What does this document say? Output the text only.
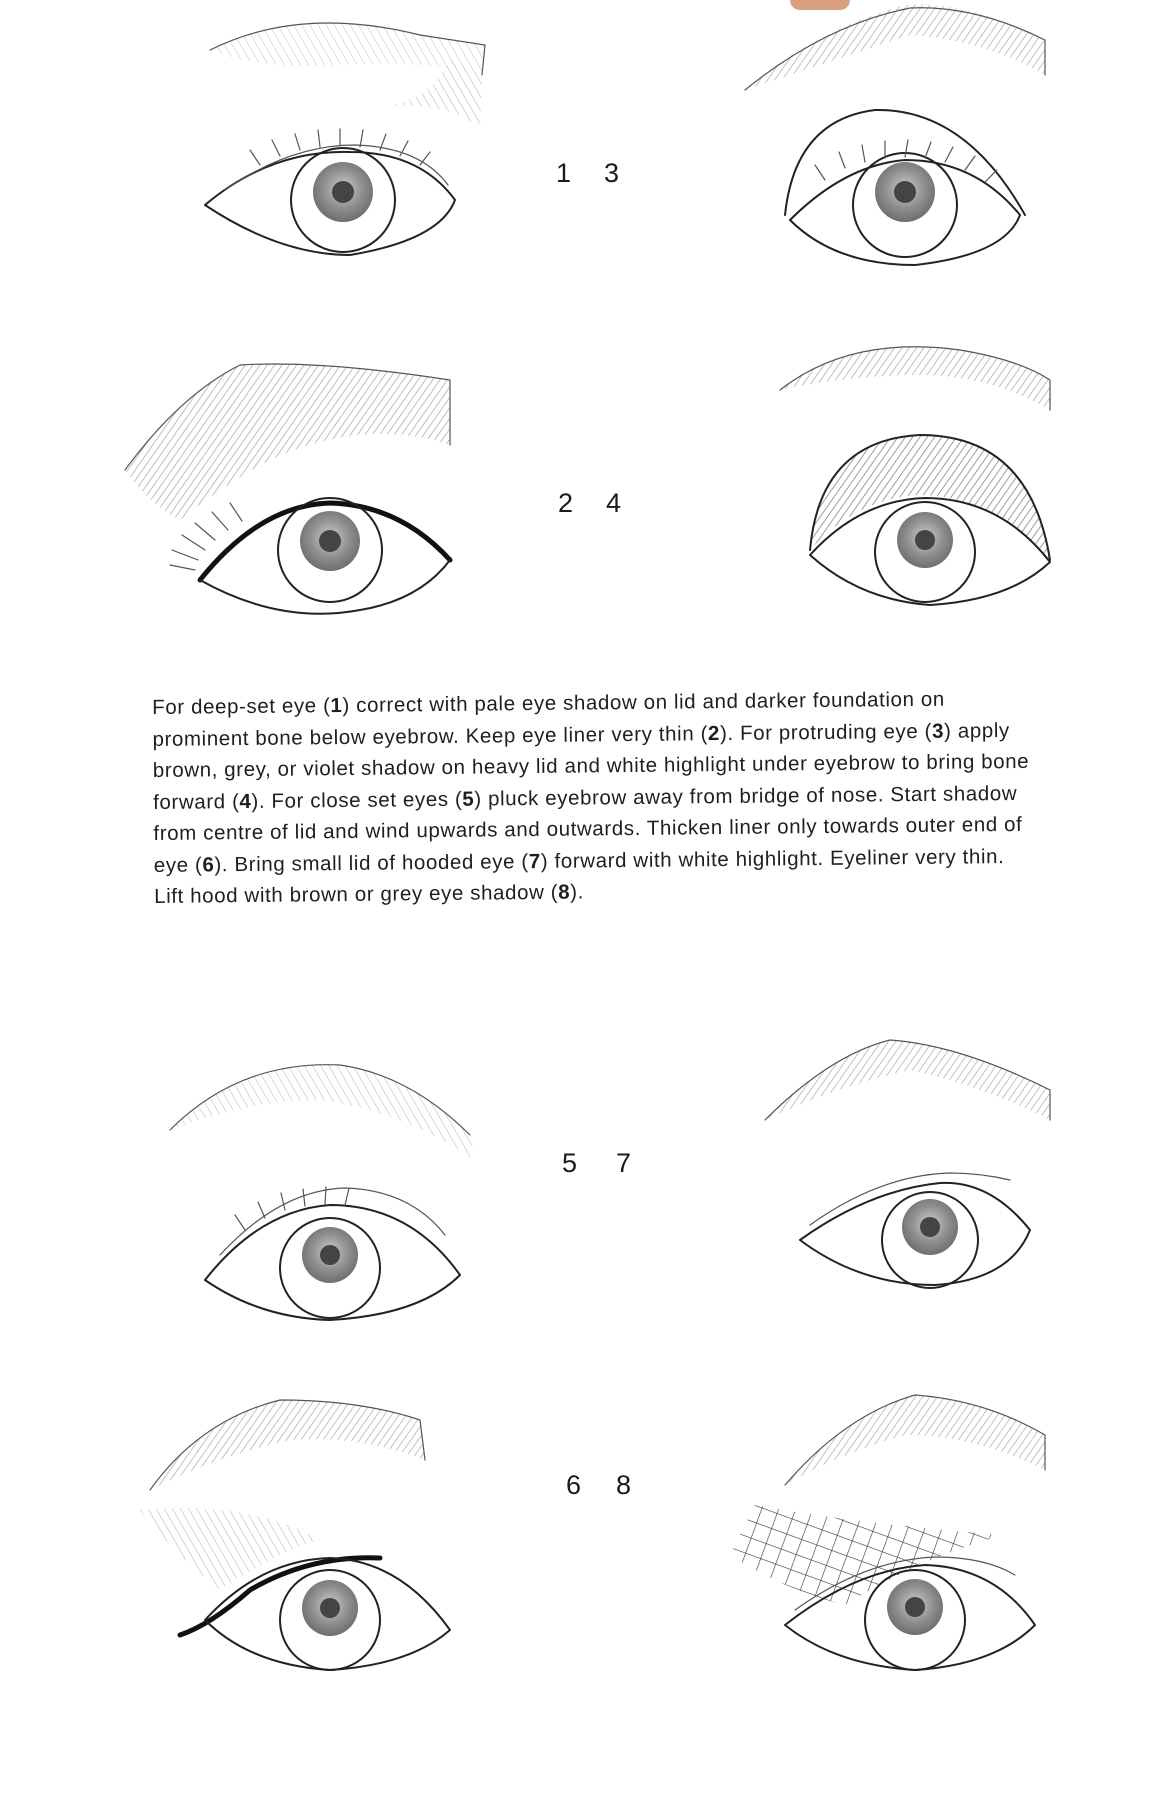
1 3
2 4

For deep-set eye (1) correct with pale eye shadow on lid and darker foundation on prominent bone below eyebrow. Keep eye liner very thin (2). For protruding eye (3) apply brown, grey, or violet shadow on heavy lid and white highlight under eyebrow to bring bone forward (4). For close set eyes (5) pluck eyebrow away from bridge of nose. Start shadow from centre of lid and wind upwards and outwards. Thicken liner only towards outer end of eye (6). Bring small lid of hooded eye (7) forward with white highlight. Eyeliner very thin. Lift hood with brown or grey eye shadow (8).

5 7
6 8
